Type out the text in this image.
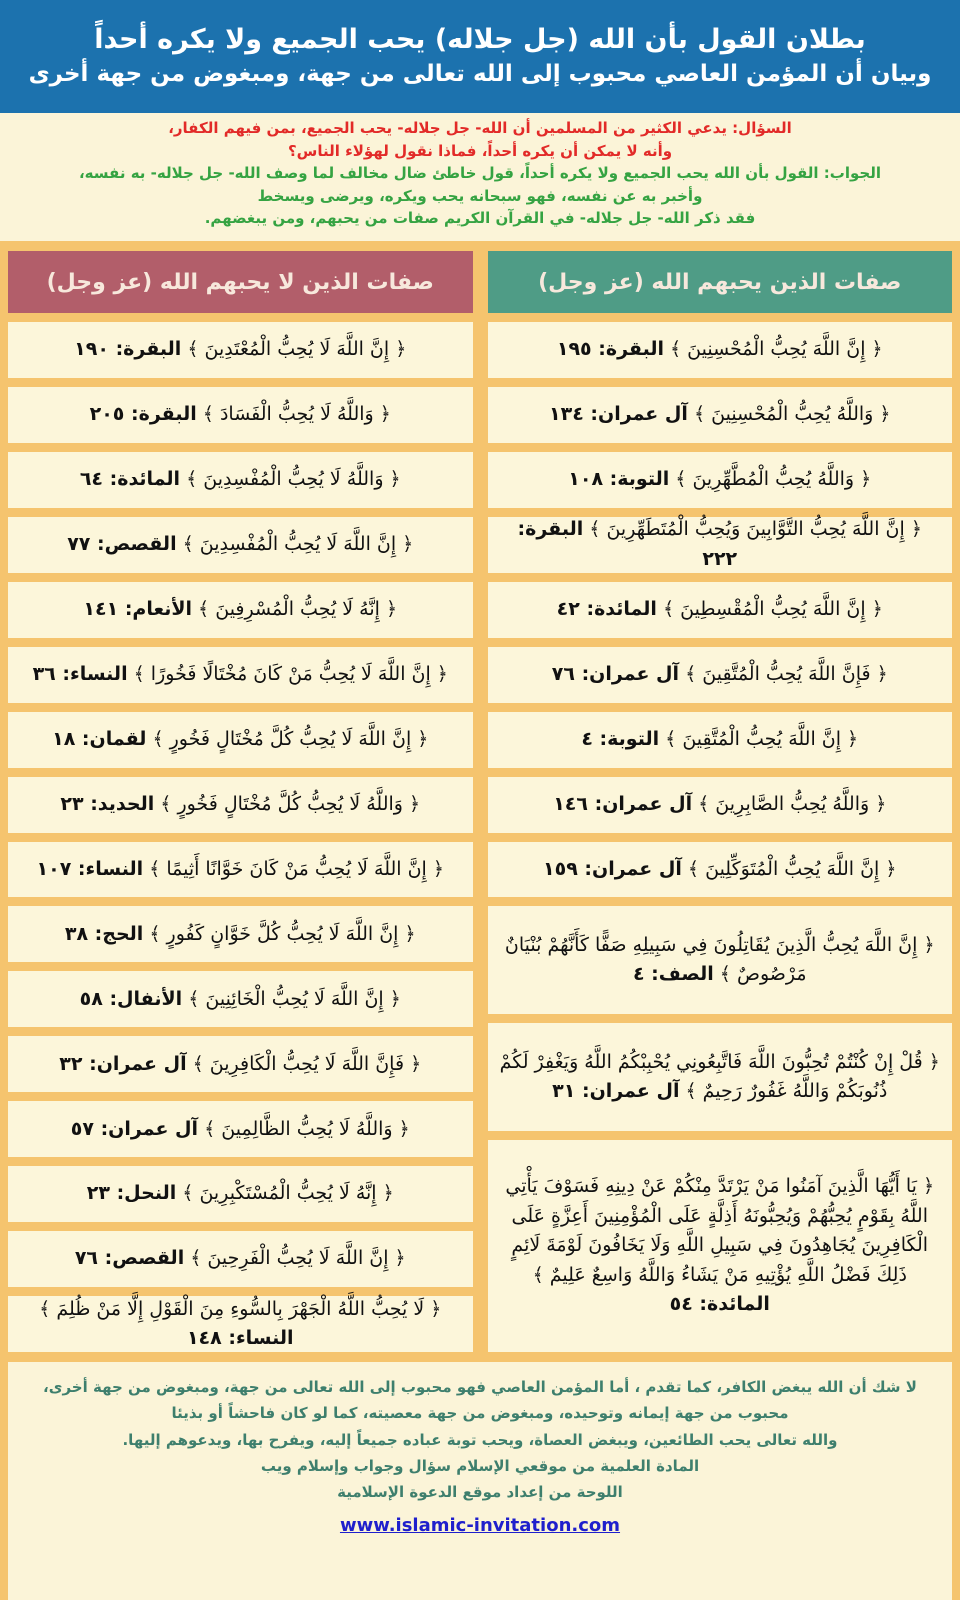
بطلان القول بأن الله (جل جلاله) يحب الجميع ولا يكره أحداً
وبيان أن المؤمن العاصي محبوب إلى الله تعالى من جهة، ومبغوض من جهة أخرى
السؤال: يدعي الكثير من المسلمين أن الله- جل جلاله- يحب الجميع، بمن فيهم الكفار،
وأنه لا يمكن أن يكره أحداً، فماذا نقول لهؤلاء الناس؟
الجواب: القول بأن الله يحب الجميع ولا يكره أحداً، قول خاطئ ضال مخالف لما وصف الله- جل جلاله- به نفسه،
وأخبر به عن نفسه، فهو سبحانه يحب ويكره، ويرضى ويسخط
فقد ذكر الله- جل جلاله- في القرآن الكريم صفات من يحبهم، ومن يبغضهم.
صفات الذين يحبهم الله (عز وجل)
صفات الذين لا يحبهم الله (عز وجل)
﴿ إِنَّ اللَّهَ يُحِبُّ الْمُحْسِنِينَ ﴾ البقرة: ١٩٥
﴿ وَاللَّهُ يُحِبُّ الْمُحْسِنِينَ ﴾ آل عمران: ١٣٤
﴿ وَاللَّهُ يُحِبُّ الْمُطَّهِّرِينَ ﴾ التوبة: ١٠٨
﴿ إِنَّ اللَّهَ يُحِبُّ التَّوَّابِينَ وَيُحِبُّ الْمُتَطَهِّرِينَ ﴾ البقرة: ٢٢٢
﴿ إِنَّ اللَّهَ يُحِبُّ الْمُقْسِطِينَ ﴾ المائدة: ٤٢
﴿ فَإِنَّ اللَّهَ يُحِبُّ الْمُتَّقِينَ ﴾ آل عمران: ٧٦
﴿ إِنَّ اللَّهَ يُحِبُّ الْمُتَّقِينَ ﴾ التوبة: ٤
﴿ وَاللَّهُ يُحِبُّ الصَّابِرِينَ ﴾ آل عمران: ١٤٦
﴿ إِنَّ اللَّهَ يُحِبُّ الْمُتَوَكِّلِينَ ﴾ آل عمران: ١٥٩
﴿ إِنَّ اللَّهَ يُحِبُّ الَّذِينَ يُقَاتِلُونَ فِي سَبِيلِهِ صَفًّا كَأَنَّهُمْ بُنْيَانٌ مَرْصُوصٌ ﴾ الصف: ٤
﴿ قُلْ إِنْ كُنْتُمْ تُحِبُّونَ اللَّهَ فَاتَّبِعُونِي يُحْبِبْكُمُ اللَّهُ وَيَغْفِرْ لَكُمْ ذُنُوبَكُمْ وَاللَّهُ غَفُورٌ رَحِيمٌ ﴾ آل عمران: ٣١
﴿ يَا أَيُّهَا الَّذِينَ آمَنُوا مَنْ يَرْتَدَّ مِنْكُمْ عَنْ دِينِهِ فَسَوْفَ يَأْتِي اللَّهُ بِقَوْمٍ يُحِبُّهُمْ وَيُحِبُّونَهُ أَذِلَّةٍ عَلَى الْمُؤْمِنِينَ أَعِزَّةٍ عَلَى الْكَافِرِينَ يُجَاهِدُونَ فِي سَبِيلِ اللَّهِ وَلَا يَخَافُونَ لَوْمَةَ لَائِمٍ ذَلِكَ فَضْلُ اللَّهِ يُؤْتِيهِ مَنْ يَشَاءُ وَاللَّهُ وَاسِعٌ عَلِيمٌ ﴾ المائدة: ٥٤
﴿ إِنَّ اللَّهَ لَا يُحِبُّ الْمُعْتَدِينَ ﴾ البقرة: ١٩٠
﴿ وَاللَّهُ لَا يُحِبُّ الْفَسَادَ ﴾ البقرة: ٢٠٥
﴿ وَاللَّهُ لَا يُحِبُّ الْمُفْسِدِينَ ﴾ المائدة: ٦٤
﴿ إِنَّ اللَّهَ لَا يُحِبُّ الْمُفْسِدِينَ ﴾ القصص: ٧٧
﴿ إِنَّهُ لَا يُحِبُّ الْمُسْرِفِينَ ﴾ الأنعام: ١٤١
﴿ إِنَّ اللَّهَ لَا يُحِبُّ مَنْ كَانَ مُخْتَالًا فَخُورًا ﴾ النساء: ٣٦
﴿ إِنَّ اللَّهَ لَا يُحِبُّ كُلَّ مُخْتَالٍ فَخُورٍ ﴾ لقمان: ١٨
﴿ وَاللَّهُ لَا يُحِبُّ كُلَّ مُخْتَالٍ فَخُورٍ ﴾ الحديد: ٢٣
﴿ إِنَّ اللَّهَ لَا يُحِبُّ مَنْ كَانَ خَوَّانًا أَثِيمًا ﴾ النساء: ١٠٧
﴿ إِنَّ اللَّهَ لَا يُحِبُّ كُلَّ خَوَّانٍ كَفُورٍ ﴾ الحج: ٣٨
﴿ إِنَّ اللَّهَ لَا يُحِبُّ الْخَائِنِينَ ﴾ الأنفال: ٥٨
﴿ فَإِنَّ اللَّهَ لَا يُحِبُّ الْكَافِرِينَ ﴾ آل عمران: ٣٢
﴿ وَاللَّهُ لَا يُحِبُّ الظَّالِمِينَ ﴾ آل عمران: ٥٧
﴿ إِنَّهُ لَا يُحِبُّ الْمُسْتَكْبِرِينَ ﴾ النحل: ٢٣
﴿ إِنَّ اللَّهَ لَا يُحِبُّ الْفَرِحِينَ ﴾ القصص: ٧٦
﴿ لَا يُحِبُّ اللَّهُ الْجَهْرَ بِالسُّوءِ مِنَ الْقَوْلِ إِلَّا مَنْ ظُلِمَ ﴾ النساء: ١٤٨
لا شك أن الله يبغض الكافر، كما تقدم ، أما المؤمن العاصي فهو محبوب إلى الله تعالى من جهة، ومبغوض من جهة أخرى،
محبوب من جهة إيمانه وتوحيده، ومبغوض من جهة معصيته، كما لو كان فاحشاً أو بذيئا
والله تعالى يحب الطائعين، ويبغض العصاة، ويحب توبة عباده جميعاً إليه، ويفرح بها، ويدعوهم إليها.
المادة العلمية من موقعي الإسلام سؤال وجواب وإسلام ويب
اللوحة من إعداد موقع الدعوة الإسلامية
www.islamic-invitation.com
